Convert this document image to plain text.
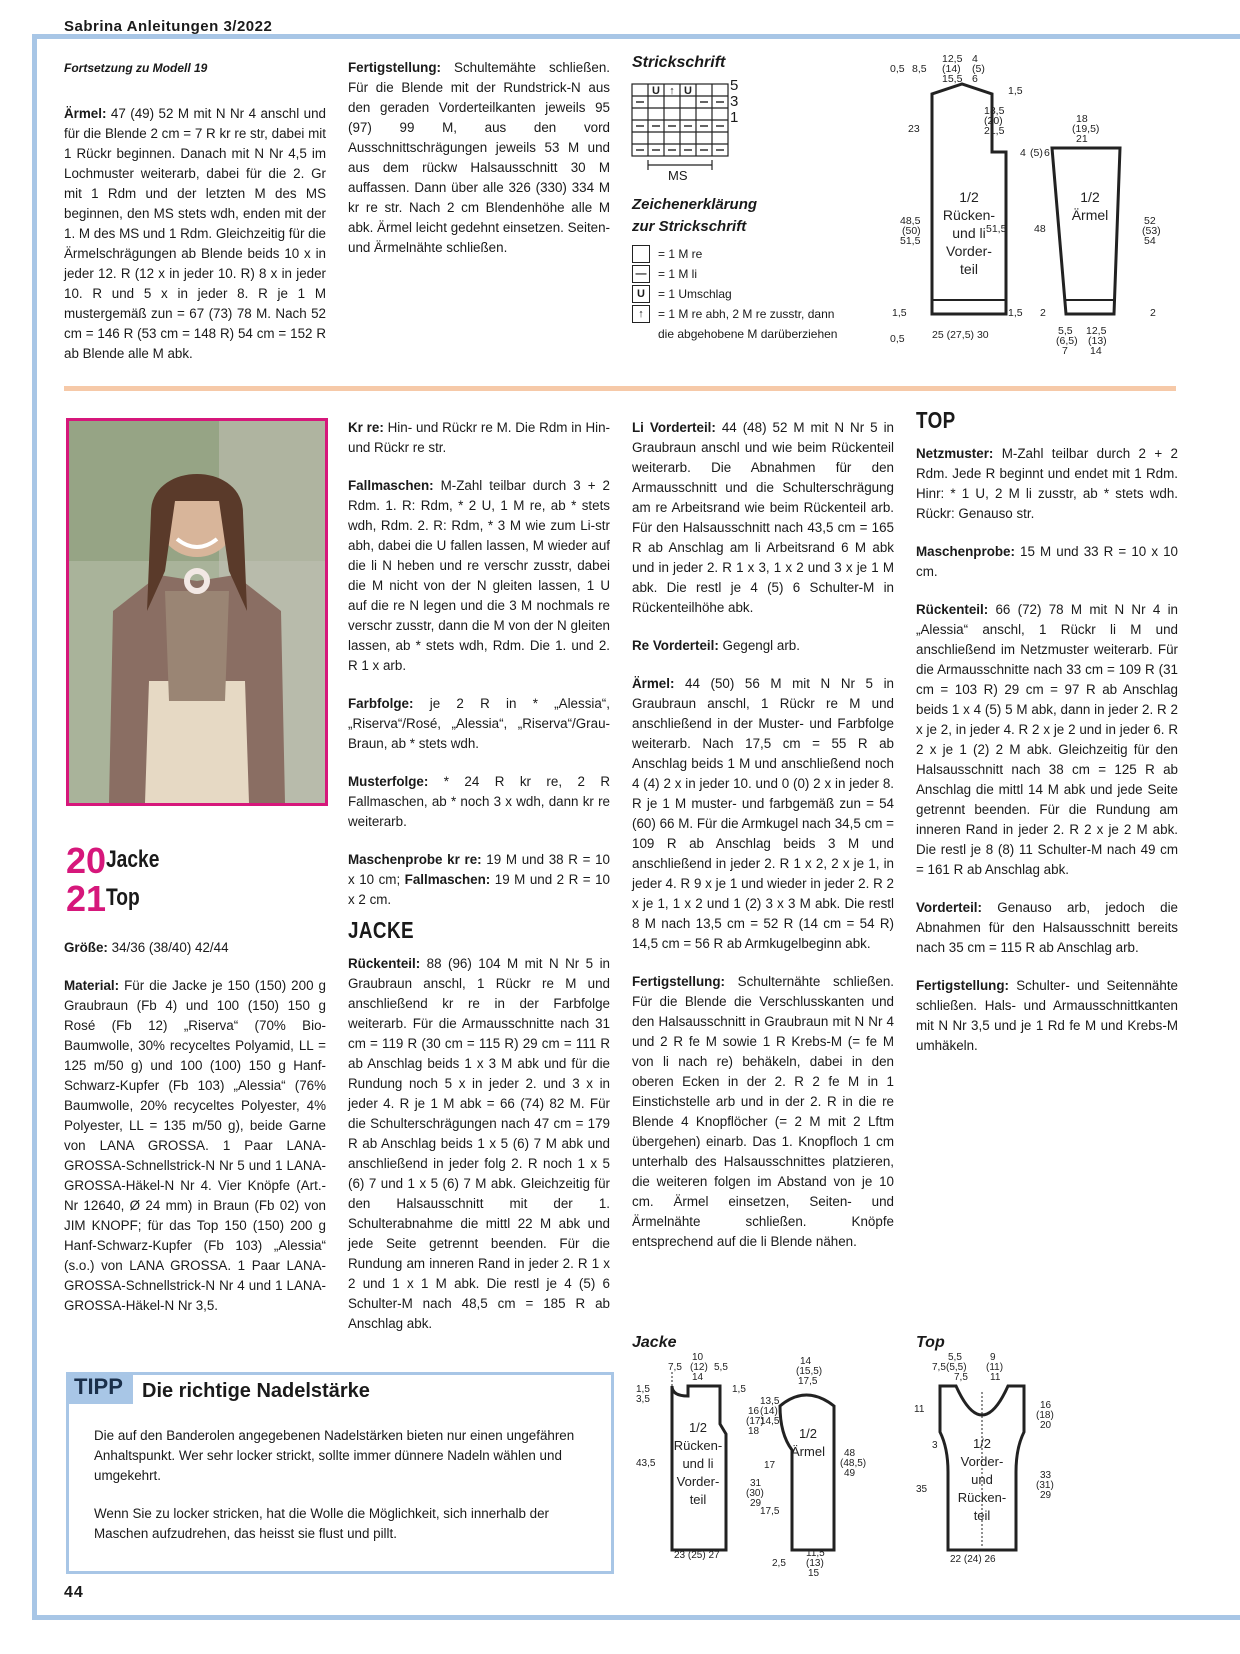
Sabrina Anleitungen 3/2022

Fortsetzung zu Modell 19

Ärmel: 47 (49) 52 M mit N Nr 4 anschl und für die Blende 2 cm = 7 R kr re str, dabei mit 1 Rückr beginnen. Danach mit N Nr 4,5 im Lochmuster weiterarb, dabei für die 2. Gr mit 1 Rdm und der letzten M des MS beginnen, den MS stets wdh, enden mit der 1. M des MS und 1 Rdm. Gleichzeitig für die Ärmelschrägungen ab Blende beids 10 x in jeder 12. R (12 x in jeder 10. R) 8 x in jeder 10. R und 5 x in jeder 8. R je 1 M mustergemäß zun = 67 (73) 78 M. Nach 52 cm = 146 R (53 cm = 148 R) 54 cm = 152 R ab Blende alle M abk.

Fertigstellung: Schultemähte schließen. Für die Blende mit der Rundstrick-N aus den geraden Vorderteilkanten jeweils 95 (97) 99 M, aus den vord Ausschnittschrägungen jeweils 53 M und aus dem rückw Halsausschnitt 30 M auffassen. Dann über alle 326 (330) 334 M kr re str. Nach 2 cm Blendenhöhe alle M abk. Ärmel leicht gedehnt einsetzen. Seiten- und Ärmelnähte schließen.

Strickschrift
U ↑ U	5
3
1
MS
Zeichenerklärung
zur Strickschrift
= 1 M re
— = 1 M li
U	= 1 Umschlag
↑	= 1 M re abh, 2 M re zusstr, dann
die abgehobene M darüberziehen
0,5 8,5
12,5
(14)
15,5
4
(5)
6
1,5
18,5
(20)
21,5
23
48,5
(50)
51,5
51,5
1,5	1,5
0,5	25 (27,5) 30
18
(19,5)
21
4 (5) 6
48
52
(53)
54
2	2
5,5
(6,5)
7
12,5
(13)
14
1/2
Rücken-
und li
Vorder-
teil
1/2
Ärmel
20Jacke
21Top

Größe: 34/36 (38/40) 42/44

Material: Für die Jacke je 150 (150) 200 g Graubraun (Fb 4) und 100 (150) 150 g Rosé (Fb 12) „Riserva“ (70% Bio-Baumwolle, 30% recyceltes Polyamid, LL = 125 m/50 g) und 100 (100) 150 g Hanf-Schwarz-Kupfer (Fb 103) „Alessia“ (76% Baumwolle, 20% recyceltes Polyester, 4% Polyester, LL = 135 m/50 g), beide Garne von LANA GROSSA. 1 Paar LANA-GROSSA-Schnellstrick-N Nr 5 und 1 LANA-GROSSA-Häkel-N Nr 4. Vier Knöpfe (Art.-Nr 12640, Ø 24 mm) in Braun (Fb 02) von JIM KNOPF; für das Top 150 (150) 200 g Hanf-Schwarz-Kupfer (Fb 103) „Alessia“ (s.o.) von LANA GROSSA. 1 Paar LANA-GROSSA-Schnellstrick-N Nr 4 und 1 LANA-GROSSA-Häkel-N Nr 3,5.

Kr re: Hin- und Rückr re M. Die Rdm in Hin- und Rückr re str.

Fallmaschen: M-Zahl teilbar durch 3 + 2 Rdm. 1. R: Rdm, * 2 U, 1 M re, ab * stets wdh, Rdm. 2. R: Rdm, * 3 M wie zum Li-str abh, dabei die U fallen lassen, M wieder auf die li N heben und re verschr zusstr, dabei die M nicht von der N gleiten lassen, 1 U auf die re N legen und die 3 M nochmals re verschr zusstr, dann die M von der N gleiten lassen, ab * stets wdh, Rdm. Die 1. und 2. R 1 x arb.

Farbfolge: je 2 R in * „Alessia“, „Riserva“/Rosé, „Alessia“, „Riserva“/Grau-Braun, ab * stets wdh.

Musterfolge: * 24 R kr re, 2 R Fallmaschen, ab * noch 3 x wdh, dann kr re weiterarb.

Maschenprobe kr re: 19 M und 38 R = 10 x 10 cm; Fallmaschen: 19 M und 2 R = 10 x 2 cm.

JACKE

Rückenteil: 88 (96) 104 M mit N Nr 5 in Graubraun anschl, 1 Rückr re M und anschließend kr re in der Farbfolge weiterarb. Für die Armausschnitte nach 31 cm = 119 R (30 cm = 115 R) 29 cm = 111 R ab Anschlag beids 1 x 3 M abk und für die Rundung noch 5 x in jeder 2. und 3 x in jeder 4. R je 1 M abk = 66 (74) 82 M. Für die Schulterschrägungen nach 47 cm = 179 R ab Anschlag beids 1 x 5 (6) 7 M abk und anschließend in jeder folg 2. R noch 1 x 5 (6) 7 und 1 x 5 (6) 7 M abk. Gleichzeitig für den Halsausschnitt mit der 1. Schulterabnahme die mittl 22 M abk und jede Seite getrennt beenden. Für die Rundung am inneren Rand in jeder 2. R 1 x 2 und 1 x 1 M abk. Die restl je 4 (5) 6 Schulter-M nach 48,5 cm = 185 R ab Anschlag abk.

Li Vorderteil: 44 (48) 52 M mit N Nr 5 in Graubraun anschl und wie beim Rückenteil weiterarb. Die Abnahmen für den Armausschnitt und die Schulterschrägung am re Arbeitsrand wie beim Rückenteil arb. Für den Halsausschnitt nach 43,5 cm = 165 R ab Anschlag am li Arbeitsrand 6 M abk und in jeder 2. R 1 x 3, 1 x 2 und 3 x je 1 M abk. Die restl je 4 (5) 6 Schulter-M in Rückenteilhöhe abk.

Re Vorderteil: Gegengl arb.

Ärmel: 44 (50) 56 M mit N Nr 5 in Graubraun anschl, 1 Rückr re M und anschließend in der Muster- und Farbfolge weiterarb. Nach 17,5 cm = 55 R ab Anschlag beids 1 M und anschließend noch 4 (4) 2 x in jeder 10. und 0 (0) 2 x in jeder 8. R je 1 M muster- und farbgemäß zun = 54 (60) 66 M. Für die Armkugel nach 34,5 cm = 109 R ab Anschlag beids 3 M und anschließend in jeder 2. R 1 x 2, 2 x je 1, in jeder 4. R 9 x je 1 und wieder in jeder 2. R 2 x je 1, 1 x 2 und 1 (2) 3 x 3 M abk. Die restl 8 M nach 13,5 cm = 52 R (14 cm = 54 R) 14,5 cm = 56 R ab Armkugelbeginn abk.

Fertigstellung: Schulternähte schließen. Für die Blende die Verschlusskanten und den Halsausschnitt in Graubraun mit N Nr 4 und 2 R fe M sowie 1 R Krebs-M (= fe M von li nach re) behäkeln, dabei in den oberen Ecken in der 2. R 2 fe M in 1 Einstichstelle arb und in der 2. R in die re Blende 4 Knopflöcher (= 2 M mit 2 Lftm übergehen) einarb. Das 1. Knopfloch 1 cm unterhalb des Halsausschnittes platzieren, die weiteren folgen im Abstand von je 10 cm. Ärmel einsetzen, Seiten- und Ärmelnähte schließen. Knöpfe entsprechend auf die li Blende nähen.

TOP

Netzmuster: M-Zahl teilbar durch 2 + 2 Rdm. Jede R beginnt und endet mit 1 Rdm. Hinr: * 1 U, 2 M li zusstr, ab * stets wdh. Rückr: Genauso str.

Maschenprobe: 15 M und 33 R = 10 x 10 cm.

Rückenteil: 66 (72) 78 M mit N Nr 4 in „Alessia“ anschl, 1 Rückr li M und anschließend im Netzmuster weiterarb. Für die Armausschnitte nach 33 cm = 109 R (31 cm = 103 R) 29 cm = 97 R ab Anschlag beids 1 x 4 (5) 5 M abk, dann in jeder 2. R 2 x je 2, in jeder 4. R 2 x je 2 und in jeder 6. R 2 x je 1 (2) 2 M abk. Gleichzeitig für den Halsausschnitt nach 38 cm = 125 R ab Anschlag die mittl 14 M abk und jede Seite getrennt beenden. Für die Rundung am inneren Rand in jeder 2. R 2 x je 2 M abk. Die restl je 8 (8) 11 Schulter-M nach 49 cm = 161 R ab Anschlag abk.

Vorderteil: Genauso arb, jedoch die Abnahmen für den Halsausschnitt bereits nach 35 cm = 115 R ab Anschlag arb.

Fertigstellung: Schulter- und Seitennähte schließen. Hals- und Armausschnittkanten mit N Nr 3,5 und je 1 Rd fe M und Krebs-M umhäkeln.

TIPP Die richtige Nadelstärke

Die auf den Banderolen angegebenen Nadelstärken bieten nur einen ungefähren Anhaltspunkt. Wer sehr locker strickt, sollte immer dünnere Nadeln wählen und umgekehrt.

Wenn Sie zu locker stricken, hat die Wolle die Möglichkeit, sich innerhalb der Maschen aufzudrehen, das heisst sie flust und pillt.

Jacke
7,5
10
(12)
14
5,5
1,5
3,5
1,5
16
(17)
18
43,5
31
(30)
29
23 (25) 27
14
(15,5)
17,5
13,5
(14)
14,5
17
17,5
48
(48,5)
49
11,5
(13)
15
2,5
1/2
Rücken-
und li
Vorder-
teil
1/2
Ärmel
Top
5,5
(5,5)
7,5
9
(11)
11
7,5
11
3
16
(18)
20
35
33
(31)
29
22 (24) 26
1/2
Vorder-
und
Rücken-
teil
44
